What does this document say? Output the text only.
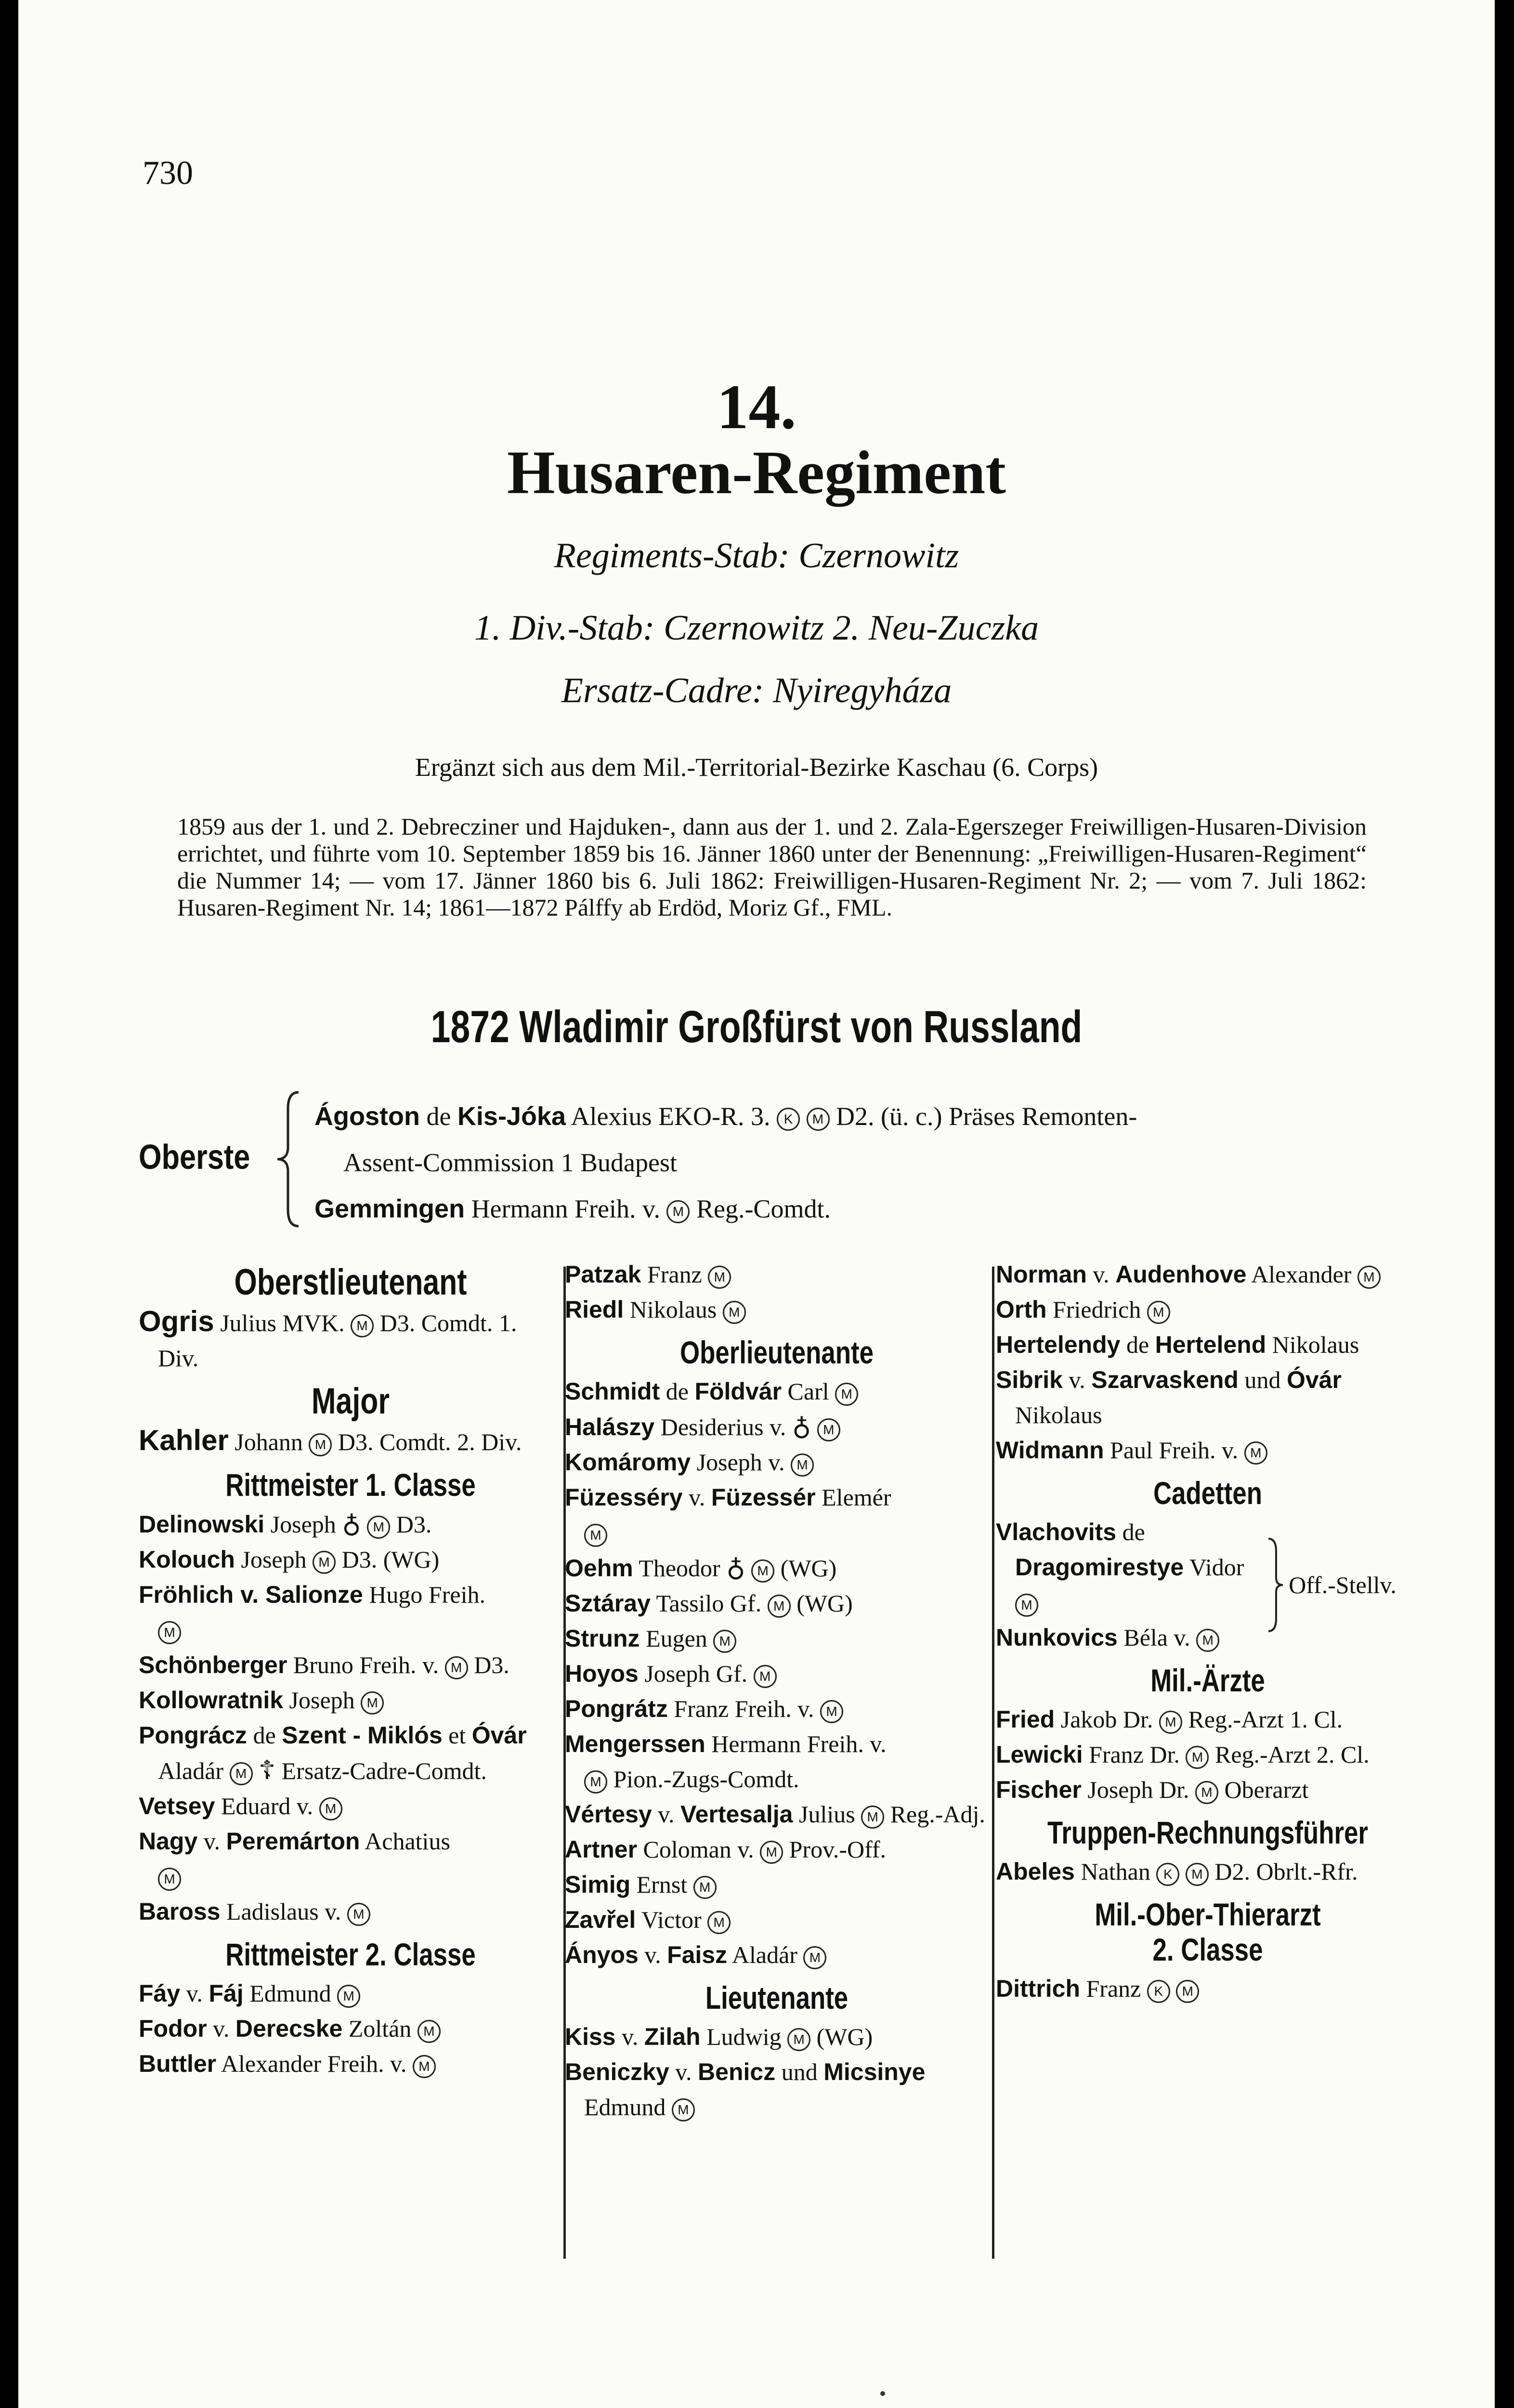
730
14.
Husaren-Regiment
Regiments-Stab: Czernowitz
1. Div.-Stab: Czernowitz 2. Neu-Zuczka
Ersatz-Cadre: Nyiregyháza
Ergänzt sich aus dem Mil.-Territorial-Bezirke Kaschau (6. Corps)

1859 aus der 1. und 2. Debrecziner und Hajduken-, dann aus der 1. und 2. Zala-Egerszeger Freiwilligen-Husaren-Division errichtet, und führte vom 10. September 1859 bis 16. Jänner 1860 unter der Benennung: „Freiwilligen-Husaren-Regiment“ die Nummer 14; — vom 17. Jänner 1860 bis 6. Juli 1862: Freiwilligen-Husaren-Regiment Nr. 2; — vom 7. Juli 1862: Husaren-Regiment Nr. 14; 1861—1872 Pálffy ab Erdöd, Moriz Gf., FML.

1872 Wladimir Großfürst von Russland
Oberste
Ágoston de Kis-Jóka Alexius EKO-R. 3. K M D2. (ü. c.) Präses Remonten-
Assent-Commission 1 Budapest
Gemmingen Hermann Freih. v. M Reg.-Comdt.
Oberstlieutenant
Ogris Julius MVK. M D3. Comdt. 1. Div.
Major
Kahler Johann M D3. Comdt. 2. Div.
Rittmeister 1. Classe
Delinowski Joseph ♁ M D3.
Kolouch Joseph M D3. (WG)
Fröhlich v. Salionze Hugo Freih.
M
Schönberger Bruno Freih. v. M D3.
Kollowratnik Joseph M
Pongrácz de Szent - Miklós et Óvár Aladár M ☦ Ersatz-Cadre-Comdt.
Vetsey Eduard v. M
Nagy v. Peremárton Achatius
M
Baross Ladislaus v. M
Rittmeister 2. Classe
Fáy v. Fáj Edmund M
Fodor v. Derecske Zoltán M
Buttler Alexander Freih. v. M
Patzak Franz M
Riedl Nikolaus M
Oberlieutenante
Schmidt de Földvár Carl M
Halászy Desiderius v. ♁ M
Komáromy Joseph v. M
Füzesséry v. Füzessér Elemér
M
Oehm Theodor ♁ M (WG)
Sztáray Tassilo Gf. M (WG)
Strunz Eugen M
Hoyos Joseph Gf. M
Pongrátz Franz Freih. v. M
Mengerssen Hermann Freih. v.
M Pion.-Zugs-Comdt.
Vértesy v. Vertesalja Julius M Reg.-Adj.
Artner Coloman v. M Prov.-Off.
Simig Ernst M
Zavřel Victor M
Ányos v. Faisz Aladár M
Lieutenante
Kiss v. Zilah Ludwig M (WG)
Beniczky v. Benicz und Micsinye Edmund M
Norman v. Audenhove Alexander M
Orth Friedrich M
Hertelendy de Hertelend Nikolaus
Sibrik v. Szarvaskend und Óvár Nikolaus
Widmann Paul Freih. v. M
Cadetten
Vlachovits de Dragomirestye Vidor M
Nunkovics Béla v. M
Off.-Stellv.
Mil.-Ärzte
Fried Jakob Dr. M Reg.-Arzt 1. Cl.
Lewicki Franz Dr. M Reg.-Arzt 2. Cl.
Fischer Joseph Dr. M Oberarzt
Truppen-Rechnungsführer
Abeles Nathan K M D2. Obrlt.-Rfr.
Mil.-Ober-Thierarzt
2. Classe
Dittrich Franz K M
